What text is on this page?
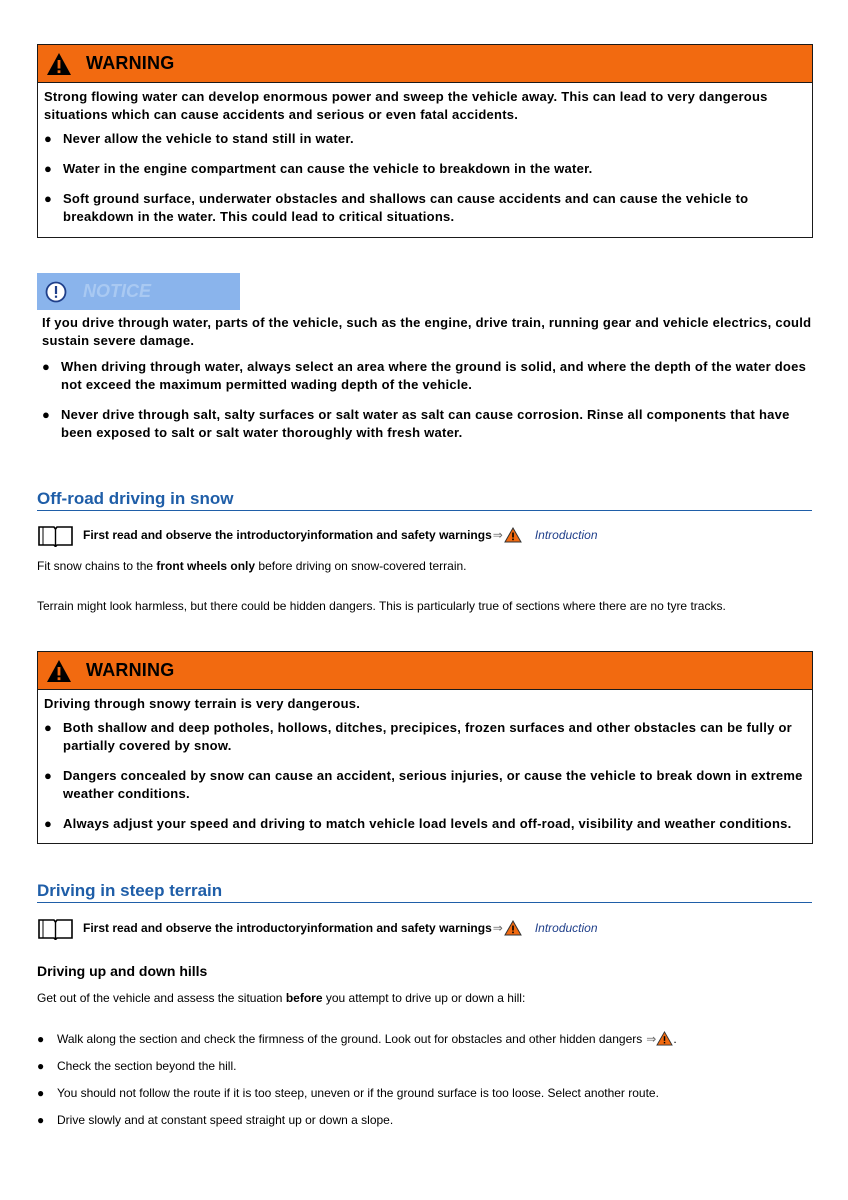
WARNING
Strong flowing water can develop enormous power and sweep the vehicle away. This can lead to very dangerous situations which can cause accidents and serious or even fatal accidents.
● Never allow the vehicle to stand still in water.
● Water in the engine compartment can cause the vehicle to breakdown in the water.
● Soft ground surface, underwater obstacles and shallows can cause accidents and can cause the vehicle to breakdown in the water. This could lead to critical situations.
NOTICE
If you drive through water, parts of the vehicle, such as the engine, drive train, running gear and vehicle electrics, could sustain severe damage.
● When driving through water, always select an area where the ground is solid, and where the depth of the water does not exceed the maximum permitted wading depth of the vehicle.
● Never drive through salt, salty surfaces or salt water as salt can cause corrosion. Rinse all components that have been exposed to salt or salt water thoroughly with fresh water.
Off-road driving in snow
First read and observe the introductoryinformation and safety warnings ⇒	Introduction
Fit snow chains to the front wheels only before driving on snow-covered terrain.
Terrain might look harmless, but there could be hidden dangers. This is particularly true of sections where there are no tyre tracks.
WARNING
Driving through snowy terrain is very dangerous.
● Both shallow and deep potholes, hollows, ditches, precipices, frozen surfaces and other obstacles can be fully or partially covered by snow.
● Dangers concealed by snow can cause an accident, serious injuries, or cause the vehicle to break down in extreme weather conditions.
● Always adjust your speed and driving to match vehicle load levels and off-road, visibility and weather conditions.
Driving in steep terrain
First read and observe the introductoryinformation and safety warnings ⇒	Introduction
Driving up and down hills
Get out of the vehicle and assess the situation before you attempt to drive up or down a hill:
● Walk along the section and check the firmness of the ground. Look out for obstacles and other hidden dangers ⇒ .
● Check the section beyond the hill.
● You should not follow the route if it is too steep, uneven or if the ground surface is too loose. Select another route.
● Drive slowly and at constant speed straight up or down a slope.
